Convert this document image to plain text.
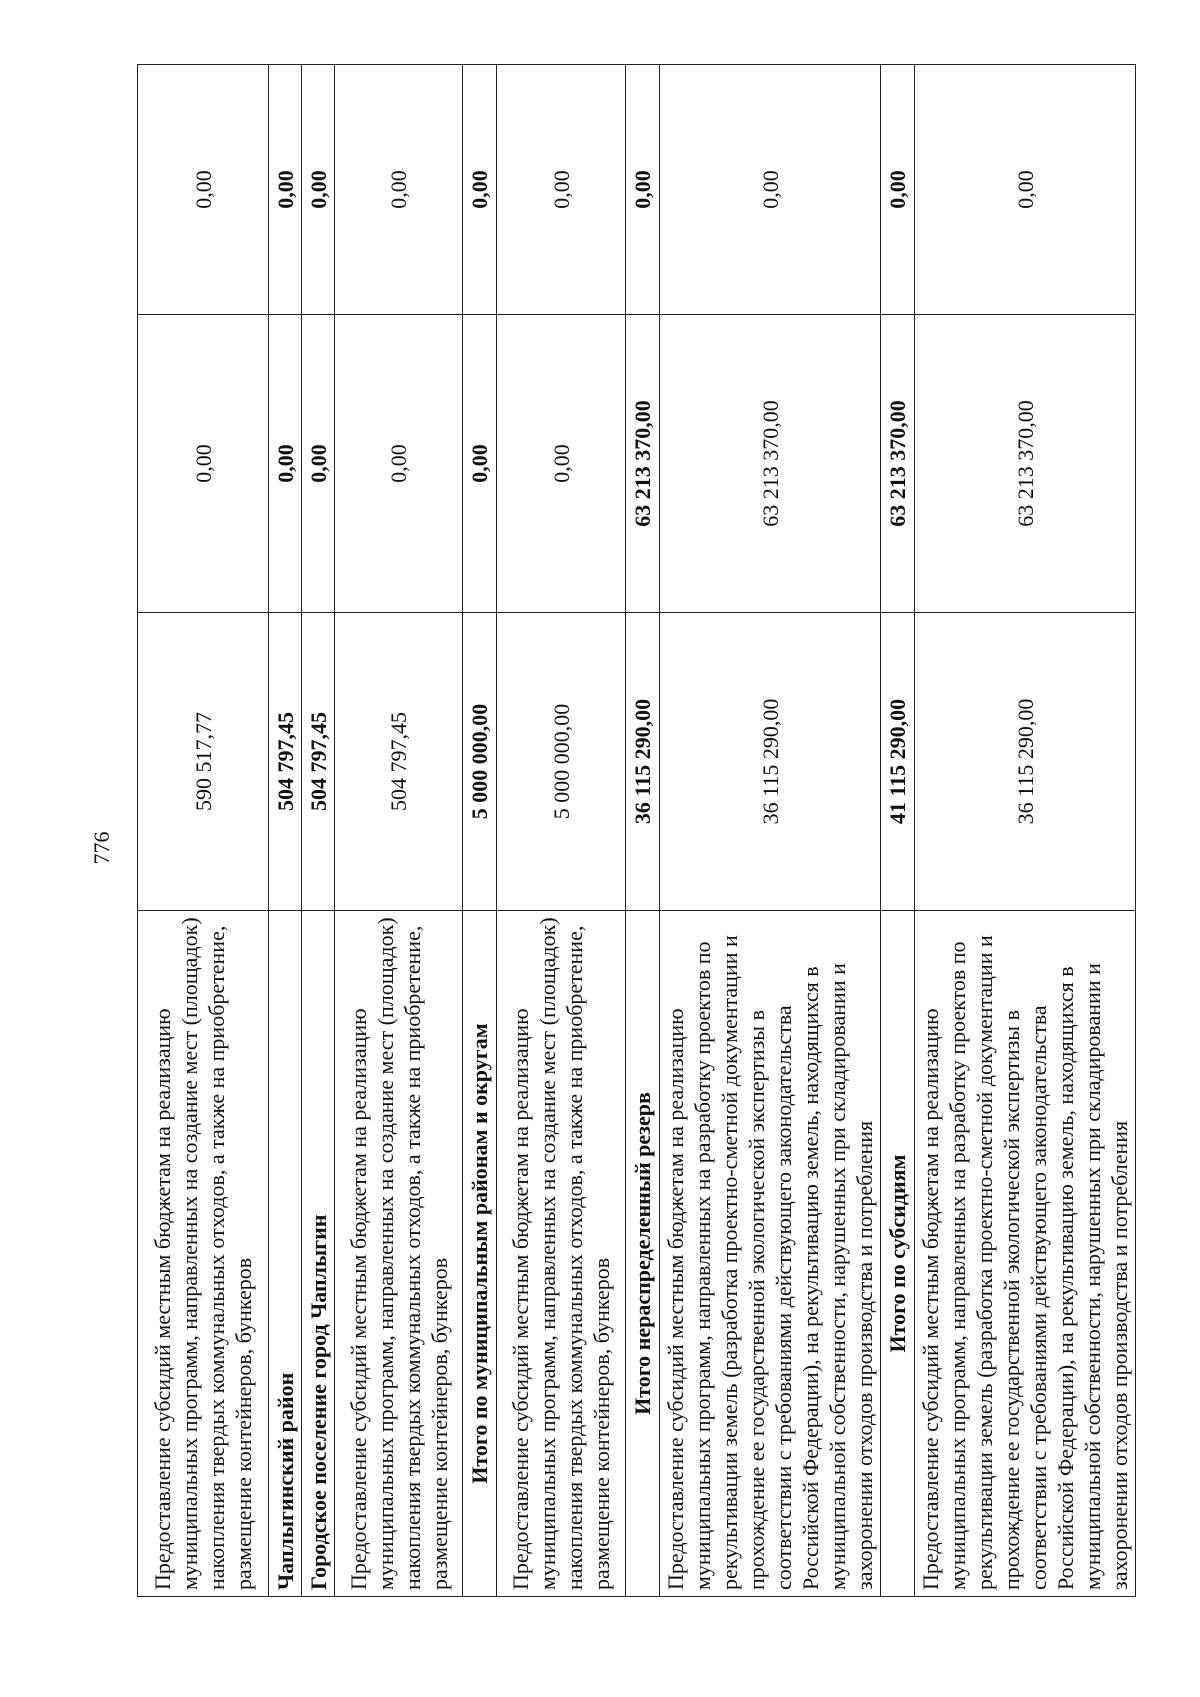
776
Предоставление субсидий местным бюджетам на реализацию муниципальных программ, направленных на создание мест (площадок) накопления твердых коммунальных отходов, а также на приобретение, размещение контейнеров, бункеров	590 517,77	0,00	0,00
Чаплыгинский район	504 797,45	0,00	0,00
Городское поселение город Чаплыгин	504 797,45	0,00	0,00
Предоставление субсидий местным бюджетам на реализацию муниципальных программ, направленных на создание мест (площадок) накопления твердых коммунальных отходов, а также на приобретение, размещение контейнеров, бункеров	504 797,45	0,00	0,00
Итого по муниципальным районам и округам	5 000 000,00	0,00	0,00
Предоставление субсидий местным бюджетам на реализацию муниципальных программ, направленных на создание мест (площадок) накопления твердых коммунальных отходов, а также на приобретение, размещение контейнеров, бункеров	5 000 000,00	0,00	0,00
Итого нераспределенный резерв	36 115 290,00	63 213 370,00	0,00
Предоставление субсидий местным бюджетам на реализацию муниципальных программ, направленных на разработку проектов по рекультивации земель (разработка проектно-сметной документации и прохождение ее государственной экологической экспертизы в соответствии с требованиями действующего законодательства Российской Федерации), на рекультивацию земель, находящихся в муниципальной собственности, нарушенных при складировании и захоронении отходов производства и потребления	36 115 290,00	63 213 370,00	0,00
Итого по субсидиям	41 115 290,00	63 213 370,00	0,00
Предоставление субсидий местным бюджетам на реализацию муниципальных программ, направленных на разработку проектов по рекультивации земель (разработка проектно-сметной документации и прохождение ее государственной экологической экспертизы в соответствии с требованиями действующего законодательства Российской Федерации), на рекультивацию земель, находящихся в муниципальной собственности, нарушенных при складировании и захоронении отходов производства и потребления	36 115 290,00	63 213 370,00	0,00
